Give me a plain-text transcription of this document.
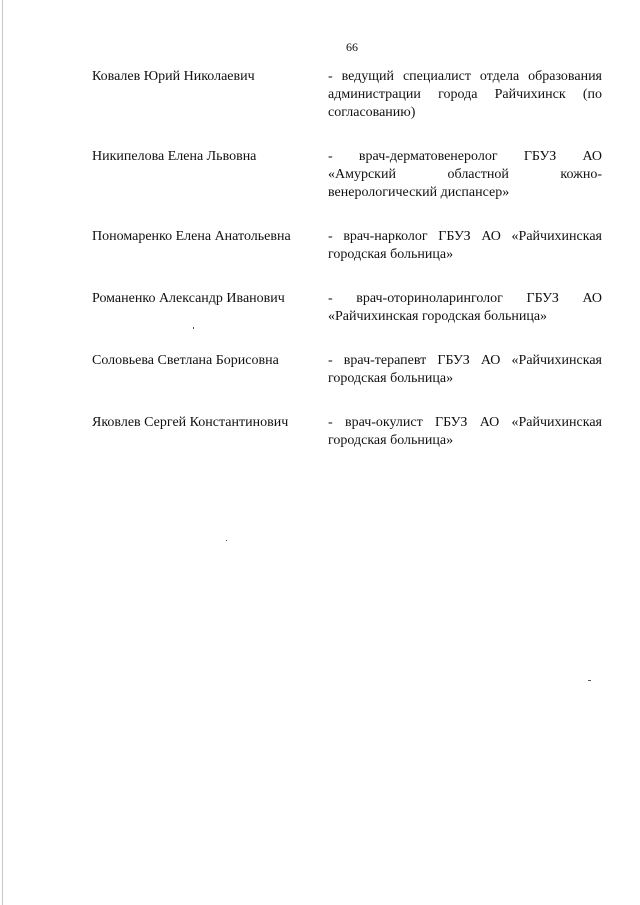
66
Ковалев Юрий Николаевич	- ведущий специалист отдела образования администрации города Райчихинск (по согласованию)
Никипелова Елена Львовна	- врач-дерматовенеролог ГБУЗ АО «Амурский областной кожно-венерологический диспансер»
Пономаренко Елена Анатольевна	- врач-нарколог ГБУЗ АО «Райчихинская городская больница»
Романенко Александр Иванович	- врач-оториноларинголог ГБУЗ АО «Райчихинская городская больница»
Соловьева Светлана Борисовна	- врач-терапевт ГБУЗ АО «Райчихинская городская больница»
Яковлев Сергей Константинович	- врач-окулист ГБУЗ АО «Райчихинская городская больница»
